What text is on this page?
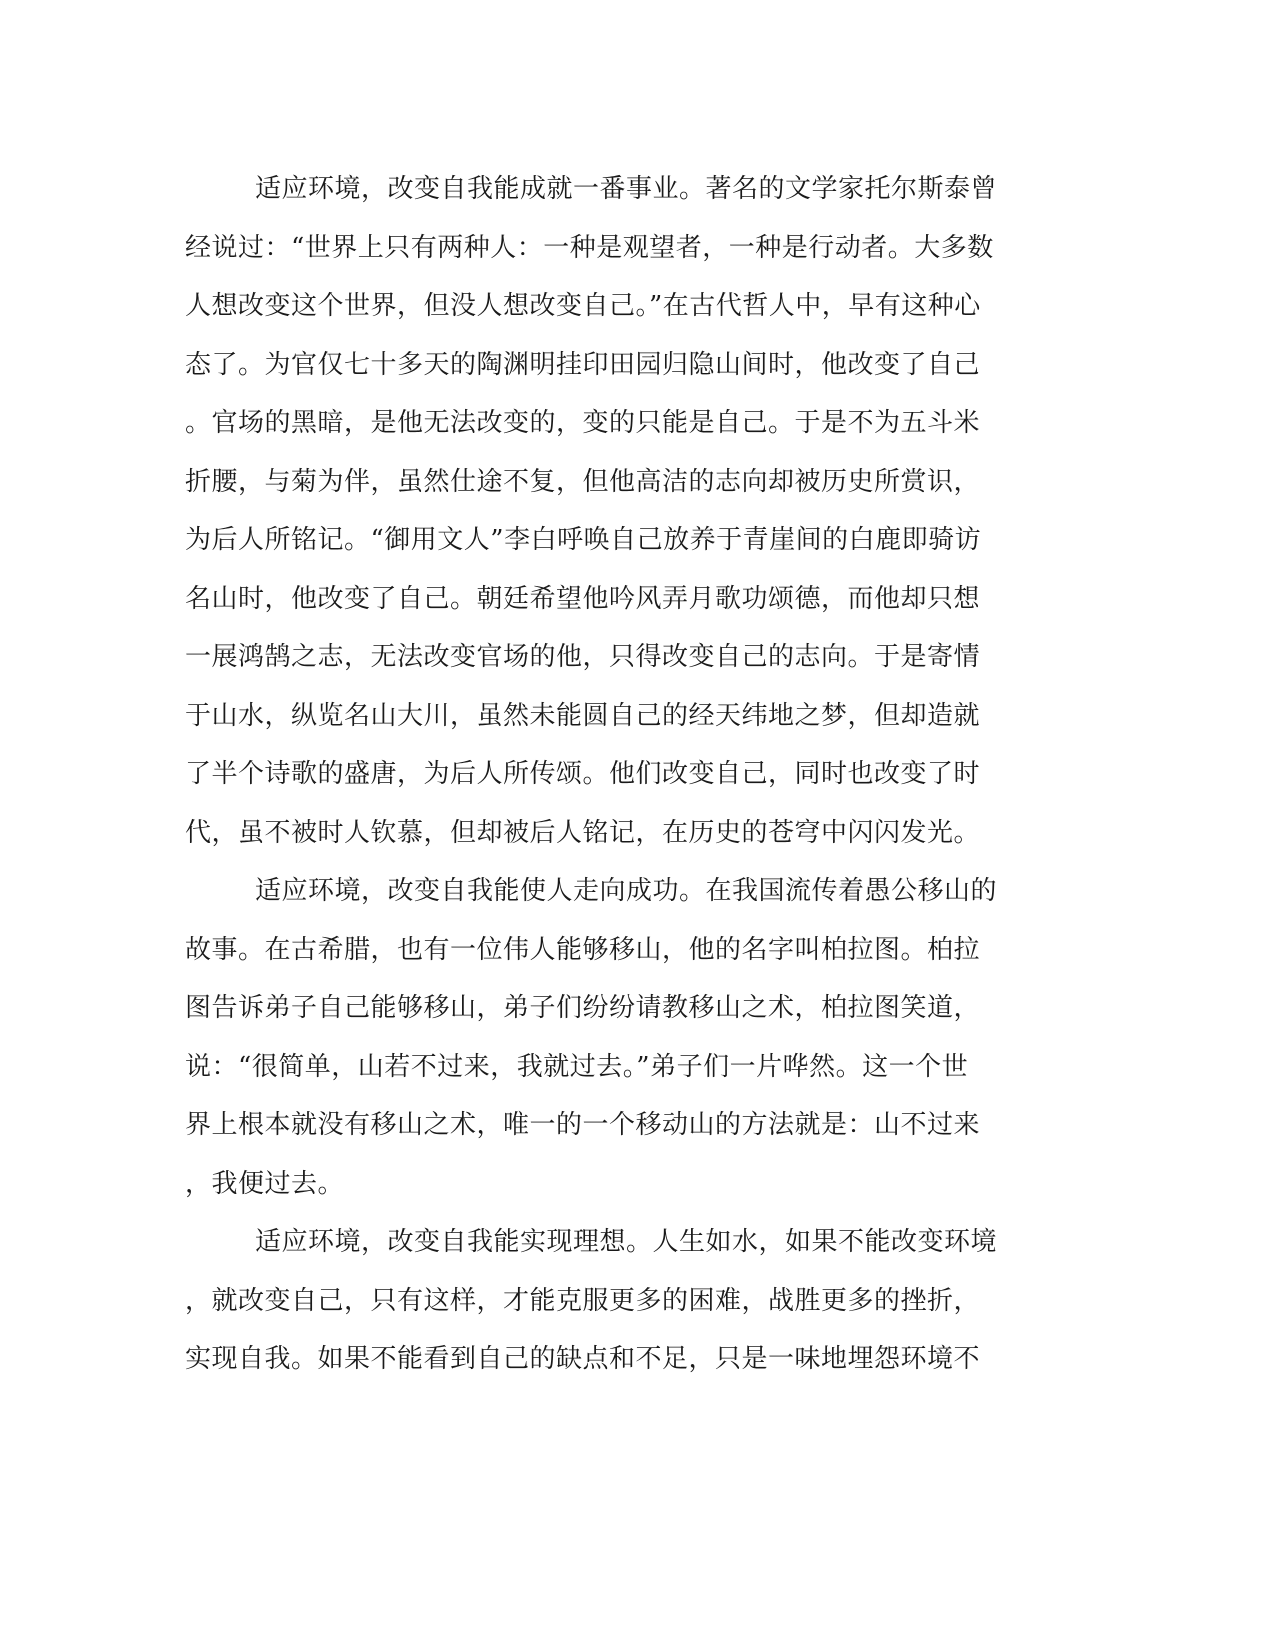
适应环境，改变自我能成就一番事业。著名的文学家托尔斯泰曾
经说过：“世界上只有两种人：一种是观望者，一种是行动者。大多数
人想改变这个世界，但没人想改变自己。”在古代哲人中，早有这种心
态了。为官仅七十多天的陶渊明挂印田园归隐山间时，他改变了自己
。官场的黑暗，是他无法改变的，变的只能是自己。于是不为五斗米
折腰，与菊为伴，虽然仕途不复，但他高洁的志向却被历史所赏识，
为后人所铭记。“御用文人”李白呼唤自己放养于青崖间的白鹿即骑访
名山时，他改变了自己。朝廷希望他吟风弄月歌功颂德，而他却只想
一展鸿鹄之志，无法改变官场的他，只得改变自己的志向。于是寄情
于山水，纵览名山大川，虽然未能圆自己的经天纬地之梦，但却造就
了半个诗歌的盛唐，为后人所传颂。他们改变自己，同时也改变了时
代，虽不被时人钦慕，但却被后人铭记，在历史的苍穹中闪闪发光。
适应环境，改变自我能使人走向成功。在我国流传着愚公移山的
故事。在古希腊，也有一位伟人能够移山，他的名字叫柏拉图。柏拉
图告诉弟子自己能够移山，弟子们纷纷请教移山之术，柏拉图笑道，
说：“很简单，山若不过来，我就过去。”弟子们一片哗然。这一个世
界上根本就没有移山之术，唯一的一个移动山的方法就是：山不过来
，我便过去。
适应环境，改变自我能实现理想。人生如水，如果不能改变环境
，就改变自己，只有这样，才能克服更多的困难，战胜更多的挫折，
实现自我。如果不能看到自己的缺点和不足，只是一味地埋怨环境不
